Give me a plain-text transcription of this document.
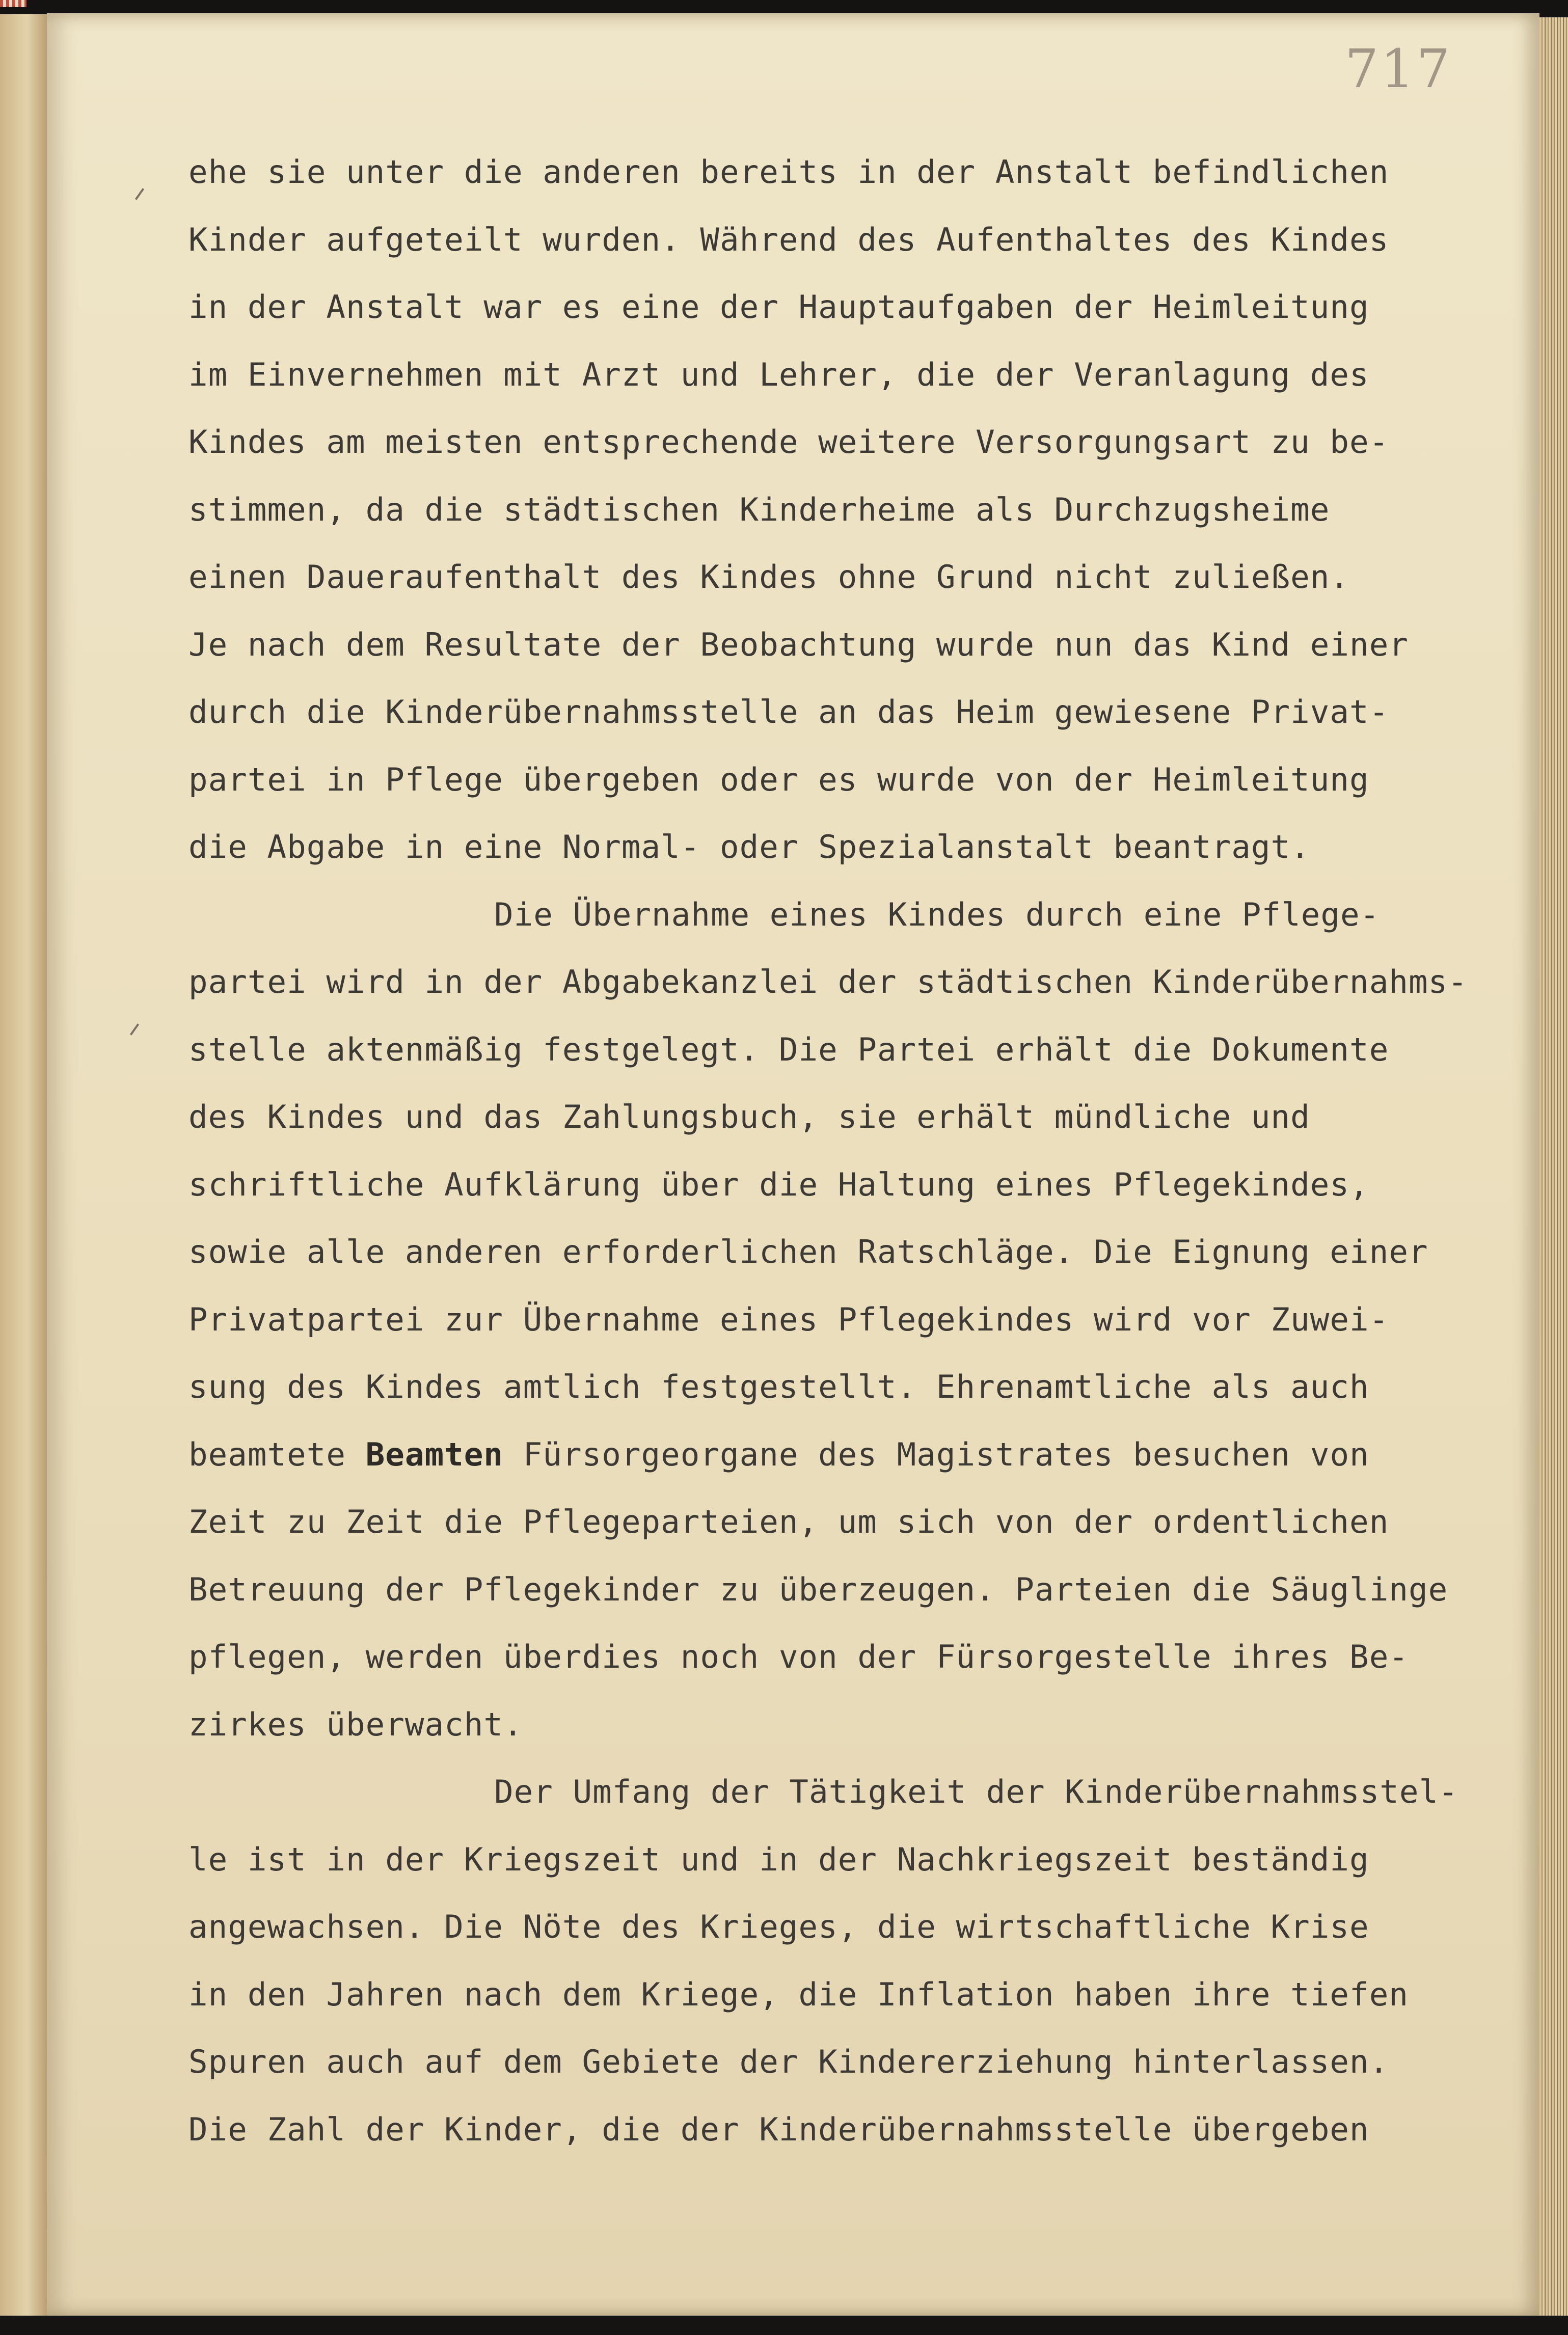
717
ehe sie unter die anderen bereits in der Anstalt befindlichen
Kinder aufgeteilt wurden. Während des Aufenthaltes des Kindes
in der Anstalt war es eine der Hauptaufgaben der Heimleitung
im Einvernehmen mit Arzt und Lehrer, die der Veranlagung des
Kindes am meisten entsprechende weitere Versorgungsart zu be-
stimmen, da die städtischen Kinderheime als Durchzugsheime
einen Daueraufenthalt des Kindes ohne Grund nicht zuließen.
Je nach dem Resultate der Beobachtung wurde nun das Kind einer
durch die Kinderübernahmsstelle an das Heim gewiesene Privat-
partei in Pflege übergeben oder es wurde von der Heimleitung
die Abgabe in eine Normal- oder Spezialanstalt beantragt.
Die Übernahme eines Kindes durch eine Pflege-
partei wird in der Abgabekanzlei der städtischen Kinderübernahms-
stelle aktenmäßig festgelegt. Die Partei erhält die Dokumente
des Kindes und das Zahlungsbuch, sie erhält mündliche und
schriftliche Aufklärung über die Haltung eines Pflegekindes,
sowie alle anderen erforderlichen Ratschläge. Die Eignung einer
Privatpartei zur Übernahme eines Pflegekindes wird vor Zuwei-
sung des Kindes amtlich festgestellt. Ehrenamtliche als auch
beamtete Beamten Fürsorgeorgane des Magistrates besuchen von
Zeit zu Zeit die Pflegeparteien, um sich von der ordentlichen
Betreuung der Pflegekinder zu überzeugen. Parteien die Säuglinge
pflegen, werden überdies noch von der Fürsorgestelle ihres Be-
zirkes überwacht.
Der Umfang der Tätigkeit der Kinderübernahmsstel-
le ist in der Kriegszeit und in der Nachkriegszeit beständig
angewachsen. Die Nöte des Krieges, die wirtschaftliche Krise
in den Jahren nach dem Kriege, die Inflation haben ihre tiefen
Spuren auch auf dem Gebiete der Kindererziehung hinterlassen.
Die Zahl der Kinder, die der Kinderübernahmsstelle übergeben
